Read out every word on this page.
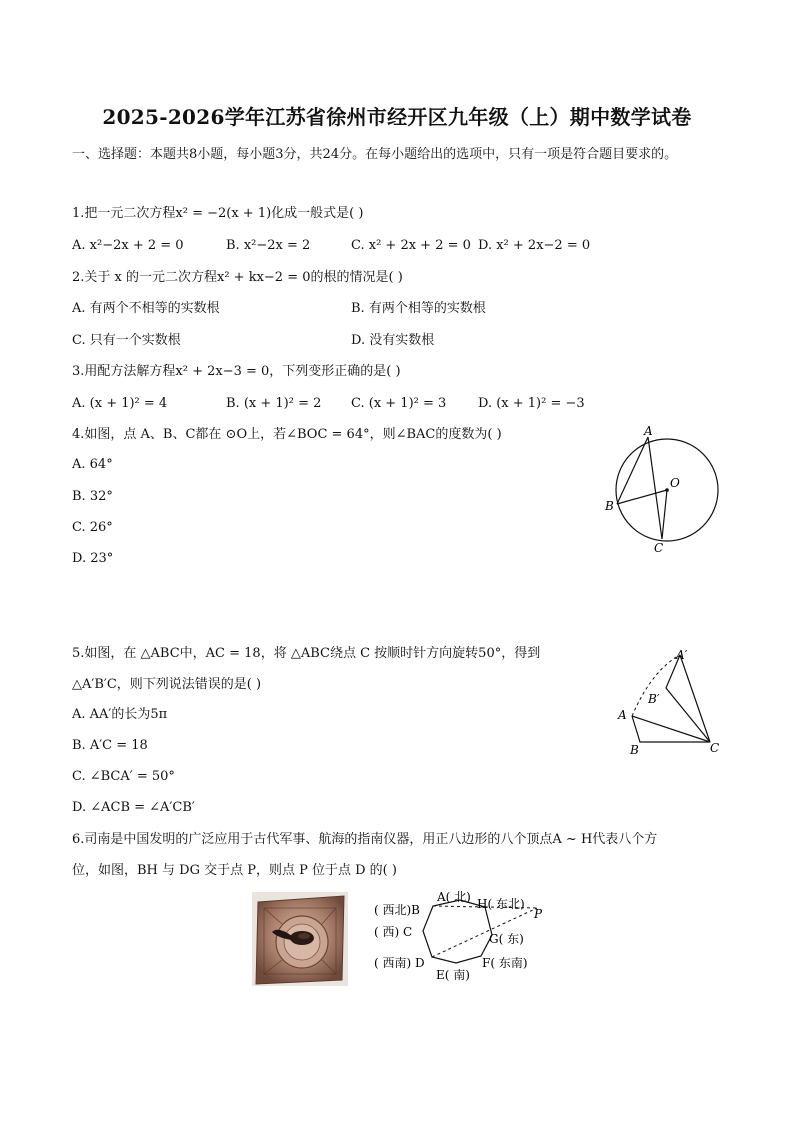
2025-2026学年江苏省徐州市经开区九年级（上）期中数学试卷
一、选择题：本题共8小题，每小题3分，共24分。在每小题给出的选项中，只有一项是符合题目要求的。
1.把一元二次方程x² = −2(x + 1)化成一般式是( )
A. x²−2x + 2 = 0	B. x²−2x = 2	C. x² + 2x + 2 = 0 D. x² + 2x−2 = 0
2.关于 x 的一元二次方程x² + kx−2 = 0的根的情况是( )
A. 有两个不相等的实数根	B. 有两个相等的实数根
C. 只有一个实数根	D. 没有实数根
3.用配方法解方程x² + 2x−3 = 0，下列变形正确的是( )
A. (x + 1)² = 4	B. (x + 1)² = 2 C. (x + 1)² = 3 D. (x + 1)² = −3
4.如图，点 A、B、C都在 ⊙O上，若∠BOC = 64°，则∠BAC的度数为( )
A. 64°
B. 32°
C. 26°
D. 23°
A
B
C
O
5.如图，在 △ABC中，AC = 18，将 △ABC绕点 C 按顺时针方向旋转50°，得到
△A′B′C，则下列说法错误的是( )
A. AA′的长为5π
B. A′C = 18
C. ∠BCA′ = 50°
D. ∠ACB = ∠A′CB′
A′
B′
A
B	C
6.司南是中国发明的广泛应用于古代军事、航海的指南仪器，用正八边形的八个顶点A ~ H代表八个方
位，如图，BH 与 DG 交于点 P，则点 P 位于点 D 的( )
A( 北)
( 西北)B
( 西) C
( 西南) D
E( 南)
F( 东南)
G( 东)
H( 东北)
P
